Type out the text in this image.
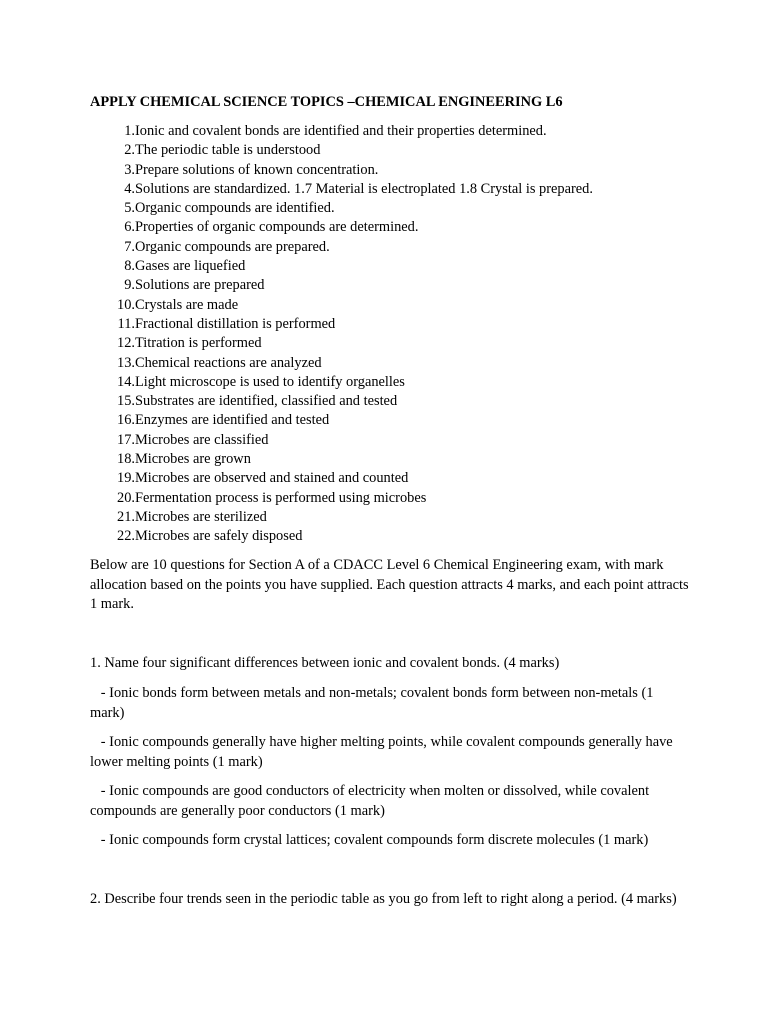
APPLY CHEMICAL SCIENCE TOPICS –CHEMICAL ENGINEERING L6
1. Ionic and covalent bonds are identified and their properties determined.
2. The periodic table is understood
3. Prepare solutions of known concentration.
4. Solutions are standardized. 1.7 Material is electroplated 1.8 Crystal is prepared.
5. Organic compounds are identified.
6. Properties of organic compounds are determined.
7. Organic compounds are prepared.
8. Gases are liquefied
9. Solutions are prepared
10. Crystals are made
11. Fractional distillation is performed
12. Titration is performed
13. Chemical reactions are analyzed
14. Light microscope is used to identify organelles
15. Substrates are identified, classified and tested
16. Enzymes are identified and tested
17. Microbes are classified
18. Microbes are grown
19. Microbes are observed and stained and counted
20. Fermentation process is performed using microbes
21. Microbes are sterilized
22. Microbes are safely disposed

Below are 10 questions for Section A of a CDACC Level 6 Chemical Engineering exam, with mark allocation based on the points you have supplied. Each question attracts 4 marks, and each point attracts 1 mark.

1. Name four significant differences between ionic and covalent bonds. (4 marks)

- Ionic bonds form between metals and non-metals; covalent bonds form between non-metals (1 mark)

- Ionic compounds generally have higher melting points, while covalent compounds generally have lower melting points (1 mark)

- Ionic compounds are good conductors of electricity when molten or dissolved, while covalent compounds are generally poor conductors (1 mark)

- Ionic compounds form crystal lattices; covalent compounds form discrete molecules (1 mark)

2. Describe four trends seen in the periodic table as you go from left to right along a period. (4 marks)
